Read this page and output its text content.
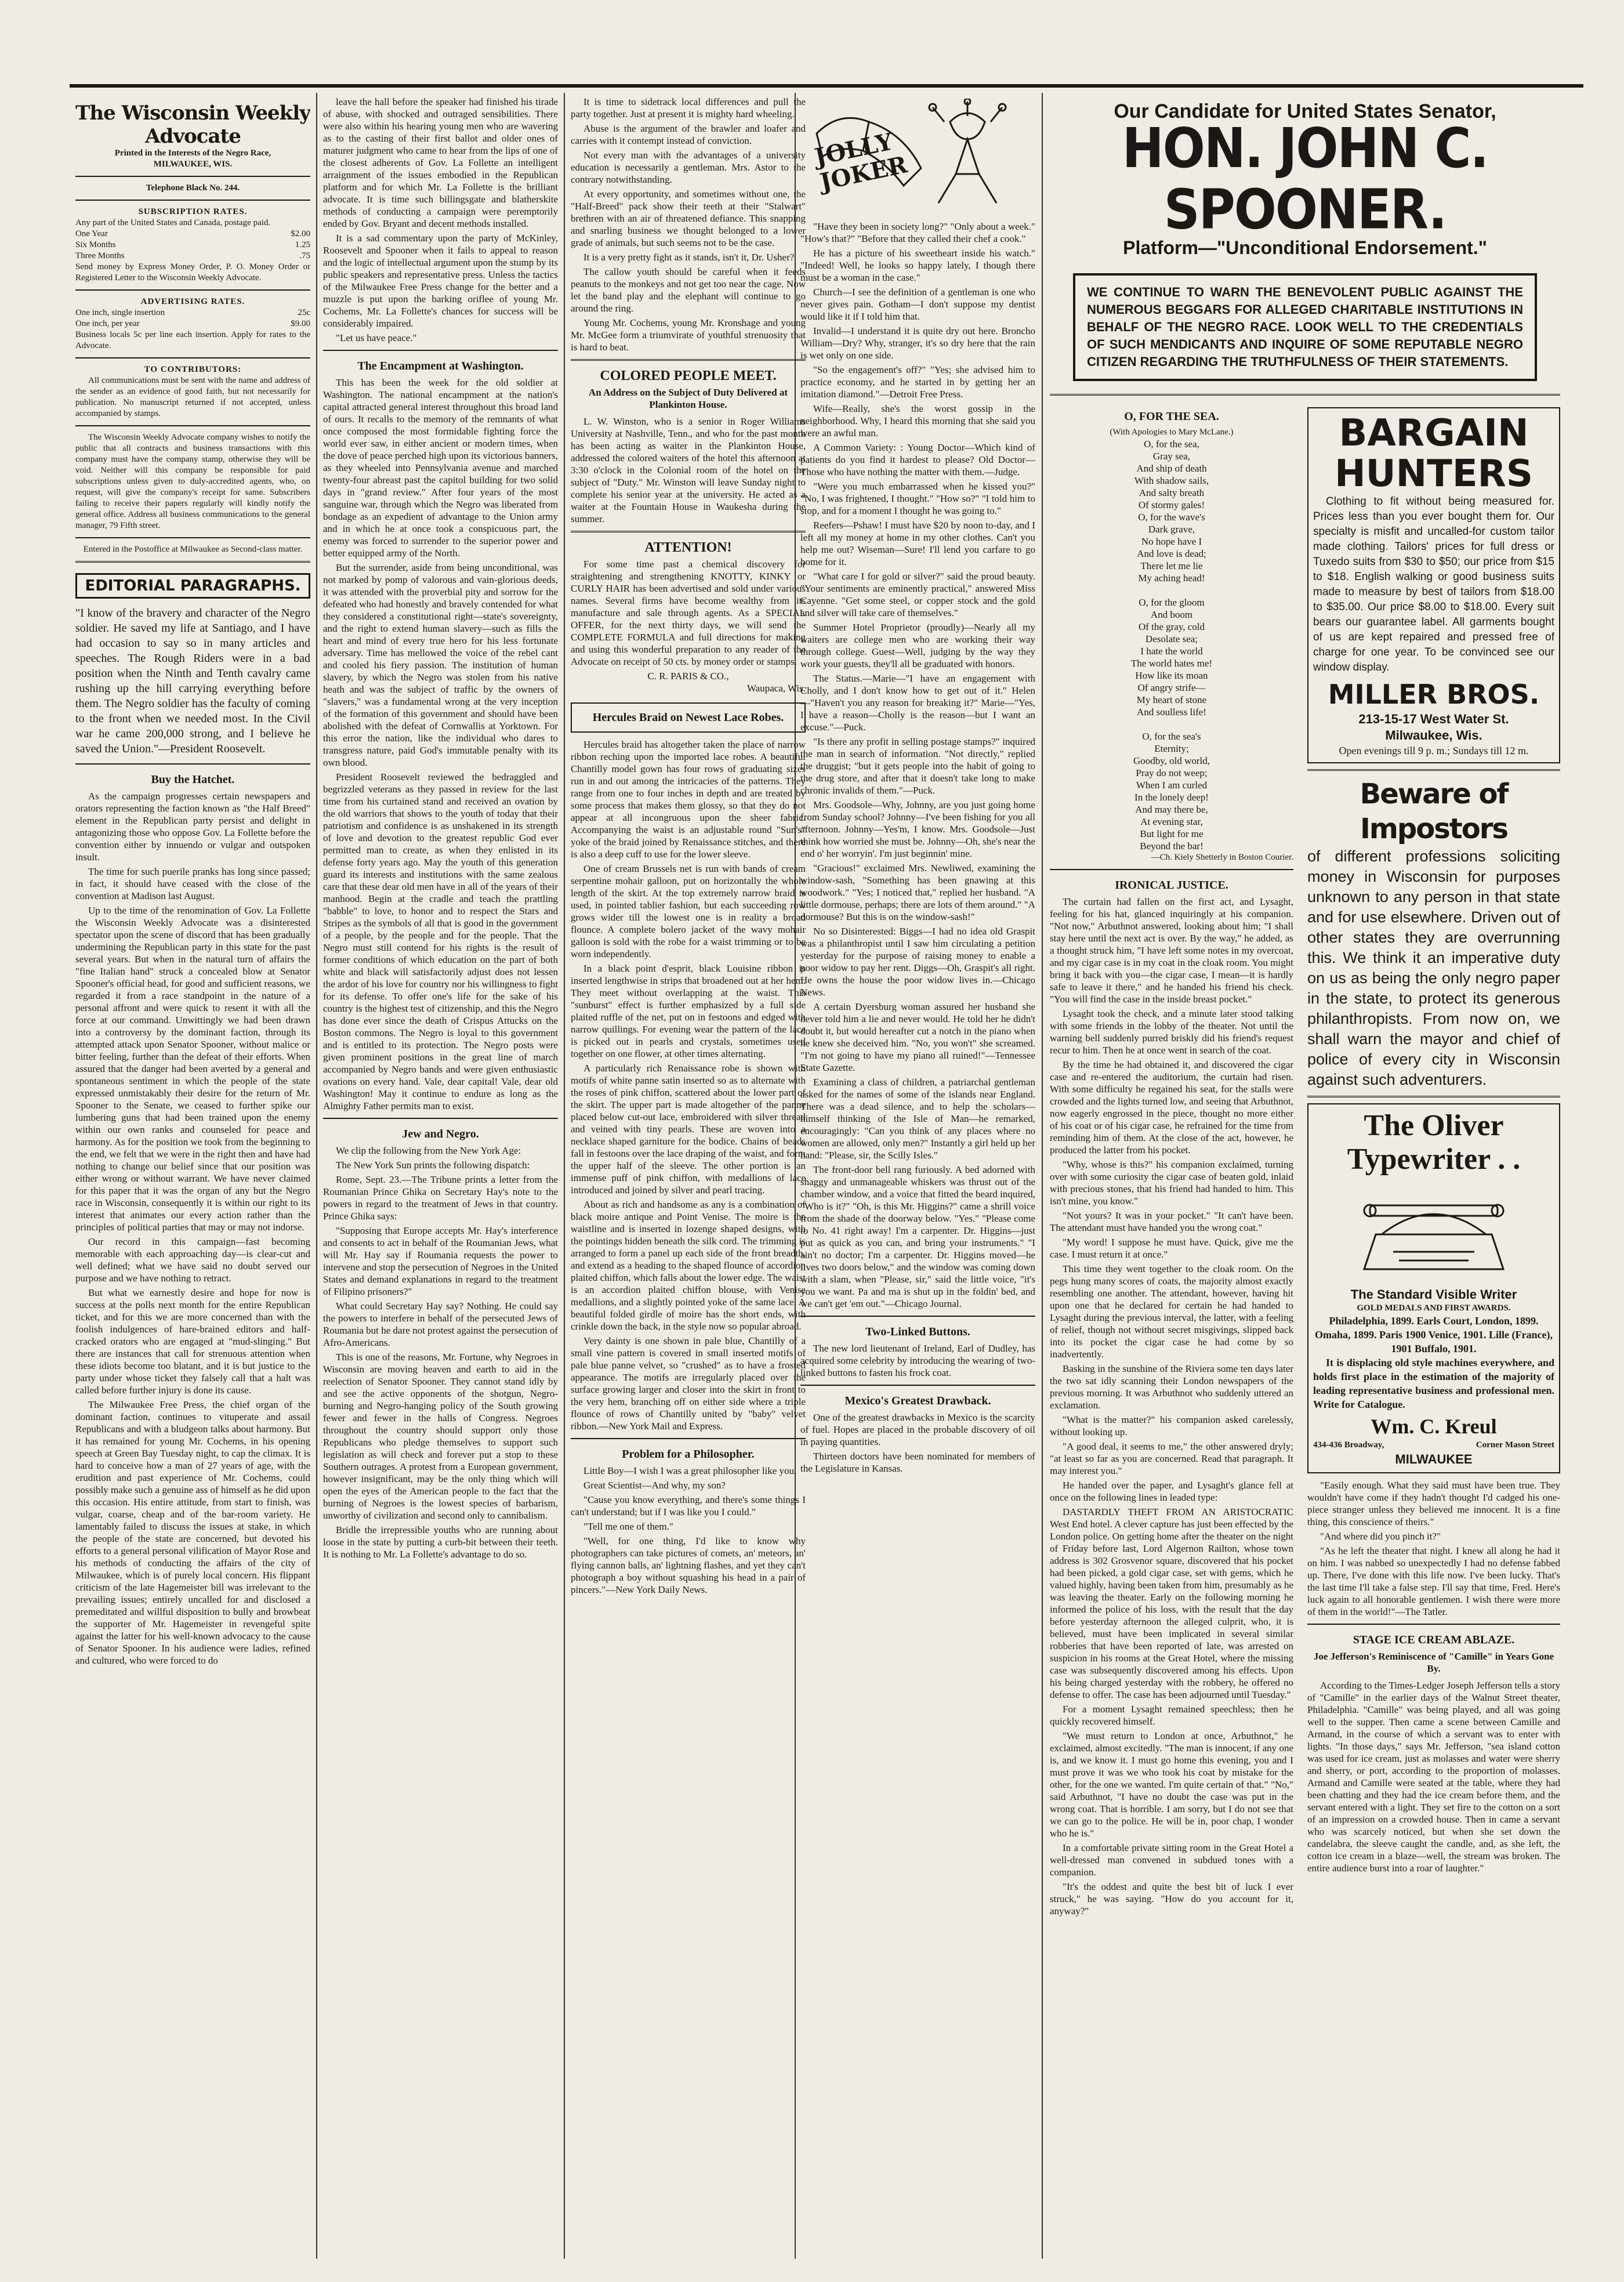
The Wisconsin Weekly Advocate
Printed in the Interests of the Negro Race,
MILWAUKEE, WIS.
Telephone Black No. 244.
SUBSCRIPTION RATES.
Any part of the United States and Canada, postage paid.
One Year	$2.00
Six Months	1.25
Three Months	.75
Send money by Express Money Order, P. O. Money Order or Registered Letter to the Wisconsin Weekly Advocate.
ADVERTISING RATES.
One inch, single insertion	25c
One inch, per year	$9.00
Business locals 5c per line each insertion. Apply for rates to the Advocate.
TO CONTRIBUTORS:

All communications must be sent with the name and address of the sender as an evidence of good faith, but not necessarily for publication. No manuscript returned if not accepted, unless accompanied by stamps.

The Wisconsin Weekly Advocate company wishes to notify the public that all contracts and business transactions with this company must have the company stamp, otherwise they will be void. Neither will this company be responsible for paid subscriptions unless given to duly-accredited agents, who, on request, will give the company's receipt for same. Subscribers failing to receive their papers regularly will kindly notify the general office. Address all business communications to the general manager, 79 Fifth street.

Entered in the Postoffice at Milwaukee as Second-class matter.
EDITORIAL PARAGRAPHS.
"I know of the bravery and character of the Negro soldier. He saved my life at Santiago, and I have had occasion to say so in many articles and speeches. The Rough Riders were in a bad position when the Ninth and Tenth cavalry came rushing up the hill carrying everything before them. The Negro soldier has the faculty of coming to the front when we needed most. In the Civil war he came 200,000 strong, and I believe he saved the Union."—President Roosevelt.
Buy the Hatchet.

As the campaign progresses certain newspapers and orators representing the faction known as "the Half Breed" element in the Republican party persist and delight in antagonizing those who oppose Gov. La Follette before the convention either by innuendo or vulgar and outspoken insult.

The time for such puerile pranks has long since passed; in fact, it should have ceased with the close of the convention at Madison last August.

Up to the time of the renomination of Gov. La Follette the Wisconsin Weekly Advocate was a disinterested spectator upon the scene of discord that has been gradually undermining the Republican party in this state for the past several years. But when in the natural turn of affairs the "fine Italian hand" struck a concealed blow at Senator Spooner's official head, for good and sufficient reasons, we regarded it from a race standpoint in the nature of a personal affront and were quick to resent it with all the force at our command. Unwittingly we had been drawn into a controversy by the dominant faction, through its attempted attack upon Senator Spooner, without malice or bitter feeling, further than the defeat of their efforts. When assured that the danger had been averted by a general and spontaneous sentiment in which the people of the state expressed unmistakably their desire for the return of Mr. Spooner to the Senate, we ceased to further spike our lumbering guns that had been trained upon the enemy within our own ranks and counseled for peace and harmony. As for the position we took from the beginning to the end, we felt that we were in the right then and have had nothing to change our belief since that our position was either wrong or without warrant. We have never claimed for this paper that it was the organ of any but the Negro race in Wisconsin, consequently it is within our right to its interest that animates our every action rather than the principles of political parties that may or may not indorse.

Our record in this campaign—fast becoming memorable with each approaching day—is clear-cut and well defined; what we have said no doubt served our purpose and we have nothing to retract.

But what we earnestly desire and hope for now is success at the polls next month for the entire Republican ticket, and for this we are more concerned than with the foolish indulgences of hare-brained editors and half-cracked orators who are engaged at "mud-slinging." But there are instances that call for strenuous attention when these idiots become too blatant, and it is but justice to the party under whose ticket they falsely call that a halt was called before further injury is done its cause.

The Milwaukee Free Press, the chief organ of the dominant faction, continues to vituperate and assail Republicans and with a bludgeon talks about harmony. But it has remained for young Mr. Cochems, in his opening speech at Green Bay Tuesday night, to cap the climax. It is hard to conceive how a man of 27 years of age, with the erudition and past experience of Mr. Cochems, could possibly make such a genuine ass of himself as he did upon this occasion. His entire attitude, from start to finish, was vulgar, coarse, cheap and of the bar-room variety. He lamentably failed to discuss the issues at stake, in which the people of the state are concerned, but devoted his efforts to a general personal vilification of Mayor Rose and his methods of conducting the affairs of the city of Milwaukee, which is of purely local concern. His flippant criticism of the late Hagemeister bill was irrelevant to the prevailing issues; entirely uncalled for and disclosed a premeditated and willful disposition to bully and browbeat the supporter of Mr. Hagemeister in revengeful spite against the latter for his well-known advocacy to the cause of Senator Spooner. In his audience were ladies, refined and cultured, who were forced to do

leave the hall before the speaker had finished his tirade of abuse, with shocked and outraged sensibilities. There were also within his hearing young men who are wavering as to the casting of their first ballot and older ones of maturer judgment who came to hear from the lips of one of the closest adherents of Gov. La Follette an intelligent arraignment of the issues embodied in the Republican platform and for which Mr. La Follette is the brilliant advocate. It is time such billingsgate and blatherskite methods of conducting a campaign were peremptorily ended by Gov. Bryant and decent methods installed.

It is a sad commentary upon the party of McKinley, Roosevelt and Spooner when it fails to appeal to reason and the logic of intellectual argument upon the stump by its public speakers and representative press. Unless the tactics of the Milwaukee Free Press change for the better and a muzzle is put upon the barking oriflee of young Mr. Cochems, Mr. La Follette's chances for success will be considerably impaired.

"Let us have peace."

The Encampment at Washington.

This has been the week for the old soldier at Washington. The national encampment at the nation's capital attracted general interest throughout this broad land of ours. It recalls to the memory of the remnants of what once composed the most formidable fighting force the world ever saw, in either ancient or modern times, when the dove of peace perched high upon its victorious banners, as they wheeled into Pennsylvania avenue and marched twenty-four abreast past the capitol building for two solid days in "grand review." After four years of the most sanguine war, through which the Negro was liberated from bondage as an expedient of advantage to the Union army and in which he at once took a conspicuous part, the enemy was forced to surrender to the superior power and better equipped army of the North.

But the surrender, aside from being unconditional, was not marked by pomp of valorous and vain-glorious deeds, it was attended with the proverbial pity and sorrow for the defeated who had honestly and bravely contended for what they considered a constitutional right—state's sovereignty, and the right to extend human slavery—such as fills the heart and mind of every true hero for his less fortunate adversary. Time has mellowed the voice of the rebel cant and cooled his fiery passion. The institution of human slavery, by which the Negro was stolen from his native heath and was the subject of traffic by the owners of "slavers," was a fundamental wrong at the very inception of the formation of this government and should have been abolished with the defeat of Cornwallis at Yorktown. For this error the nation, like the individual who dares to transgress nature, paid God's immutable penalty with its own blood.

President Roosevelt reviewed the bedraggled and begrizzled veterans as they passed in review for the last time from his curtained stand and received an ovation by the old warriors that shows to the youth of today that their patriotism and confidence is as unshakened in its strength of love and devotion to the greatest republic God ever permitted man to create, as when they enlisted in its defense forty years ago. May the youth of this generation guard its interests and institutions with the same zealous care that these dear old men have in all of the years of their manhood. Begin at the cradle and teach the prattling "babble" to love, to honor and to respect the Stars and Stripes as the symbols of all that is good in the government of a people, by the people and for the people. That the Negro must still contend for his rights is the result of former conditions of which education on the part of both white and black will satisfactorily adjust does not lessen the ardor of his love for country nor his willingness to fight for its defense. To offer one's life for the sake of his country is the highest test of citizenship, and this the Negro has done ever since the death of Crispus Attucks on the Boston commons. The Negro is loyal to this government and is entitled to its protection. The Negro posts were given prominent positions in the great line of march accompanied by Negro bands and were given enthusiastic ovations on every hand. Vale, dear capital! Vale, dear old Washington! May it continue to endure as long as the Almighty Father permits man to exist.

Jew and Negro.

We clip the following from the New York Age:

The New York Sun prints the following dispatch:

Rome, Sept. 23.—The Tribune prints a letter from the Roumanian Prince Ghika on Secretary Hay's note to the powers in regard to the treatment of Jews in that country. Prince Ghika says:

"Supposing that Europe accepts Mr. Hay's interference and consents to act in behalf of the Roumanian Jews, what will Mr. Hay say if Roumania requests the power to intervene and stop the persecution of Negroes in the United States and demand explanations in regard to the treatment of Filipino prisoners?"

What could Secretary Hay say? Nothing. He could say the powers to interfere in behalf of the persecuted Jews of Roumania but he dare not protest against the persecution of Afro-Americans.

This is one of the reasons, Mr. Fortune, why Negroes in Wisconsin are moving heaven and earth to aid in the reelection of Senator Spooner. They cannot stand idly by and see the active opponents of the shotgun, Negro-burning and Negro-hanging policy of the South growing fewer and fewer in the halls of Congress. Negroes throughout the country should support only those Republicans who pledge themselves to support such legislation as will check and forever put a stop to these Southern outrages. A protest from a European government, however insignificant, may be the only thing which will open the eyes of the American people to the fact that the burning of Negroes is the lowest species of barbarism, unworthy of civilization and second only to cannibalism.

Bridle the irrepressible youths who are running about loose in the state by putting a curb-bit between their teeth. It is nothing to Mr. La Follette's advantage to do so.

It is time to sidetrack local differences and pull the party together. Just at present it is mighty hard wheeling.

Abuse is the argument of the brawler and loafer and carries with it contempt instead of conviction.

Not every man with the advantages of a university education is necessarily a gentleman. Mrs. Astor to the contrary notwithstanding.

At every opportunity, and sometimes without one, the "Half-Breed" pack show their teeth at their "Stalwart" brethren with an air of threatened defiance. This snapping and snarling business we thought belonged to a lower grade of animals, but such seems not to be the case.

It is a very pretty fight as it stands, isn't it, Dr. Usher?

The callow youth should be careful when it feeds peanuts to the monkeys and not get too near the cage. Now let the band play and the elephant will continue to go around the ring.

Young Mr. Cochems, young Mr. Kronshage and young Mr. McGee form a triumvirate of youthful strenuosity that is hard to beat.

COLORED PEOPLE MEET.
An Address on the Subject of Duty Delivered at Plankinton House.

L. W. Winston, who is a senior in Roger Williams University at Nashville, Tenn., and who for the past month has been acting as waiter in the Plankinton House, addressed the colored waiters of the hotel this afternoon at 3:30 o'clock in the Colonial room of the hotel on the subject of "Duty." Mr. Winston will leave Sunday night to complete his senior year at the university. He acted as a waiter at the Fountain House in Waukesha during the summer.

ATTENTION!

For some time past a chemical discovery for straightening and strengthening KNOTTY, KINKY or CURLY HAIR has been advertised and sold under various names. Several firms have become wealthy from its manufacture and sale through agents. As a SPECIAL OFFER, for the next thirty days, we will send the COMPLETE FORMULA and full directions for making and using this wonderful preparation to any reader of the Advocate on receipt of 50 cts. by money order or stamps.

C. R. PARIS & CO.,
Waupaca, Wis.
Hercules Braid on Newest Lace Robes.

Hercules braid has altogether taken the place of narrow ribbon reching upon the imported lace robes. A beautiful Chantilly model gown has four rows of graduating sizes run in and out among the intricacies of the patterns. They range from one to four inches in depth and are treated by some process that makes them glossy, so that they do not appear at all incongruous upon the sheer fabric. Accompanying the waist is an adjustable round "Sun's" yoke of the braid joined by Renaissance stitches, and there is also a deep cuff to use for the lower sleeve.

One of cream Brussels net is run with bands of cream serpentine mohair galloon, put on horizontally the whole length of the skirt. At the top extremely narrow braid is used, in pointed tablier fashion, but each succeeding row grows wider till the lowest one is in reality a broad flounce. A complete bolero jacket of the wavy mohair galloon is sold with the robe for a waist trimming or to be worn independently.

In a black point d'esprit, black Louisine ribbon is inserted lengthwise in strips that broadened out at her hem. They meet without overlapping at the waist. This "sunburst" effect is further emphasized by a full side plaited ruffle of the net, put on in festoons and edged with narrow quillings. For evening wear the pattern of the lace is picked out in pearls and crystals, sometimes used together on one flower, at other times alternating.

A particularly rich Renaissance robe is shown with motifs of white panne satin inserted so as to alternate with the roses of pink chiffon, scattered about the lower part of the skirt. The upper part is made altogether of the panne placed below cut-out lace, embroidered with silver thread and veined with tiny pearls. These are woven into a necklace shaped garniture for the bodice. Chains of beads fall in festoons over the lace draping of the waist, and form the upper half of the sleeve. The other portion is an immense puff of pink chiffon, with medallions of lace introduced and joined by silver and pearl tracing.

About as rich and handsome as any is a combination of black moire antique and Point Venise. The moire is the waistline and is inserted in lozenge shaped designs, with the pointings hidden beneath the silk cord. The trimming is arranged to form a panel up each side of the front breadth, and extend as a heading to the shaped flounce of accordion plaited chiffon, which falls about the lower edge. The waist is an accordion plaited chiffon blouse, with Venise medallions, and a slightly pointed yoke of the same lace. A beautiful folded girdle of moire has the short ends, with crinkle down the back, in the style now so popular abroad.

Very dainty is one shown in pale blue, Chantilly of a small vine pattern is covered in small inserted motifs of pale blue panne velvet, so "crushed" as to have a frosted appearance. The motifs are irregularly placed over the surface growing larger and closer into the skirt in front to the very hem, branching off on either side where a triple flounce of rows of Chantilly united by "baby" velvet ribbon.—New York Mail and Express.

Problem for a Philosopher.

Little Boy—I wish I was a great philosopher like you.

Great Scientist—And why, my son?

"Cause you know everything, and there's some things I can't understand; but if I was like you I could."

"Tell me one of them."

"Well, for one thing, I'd like to know why photographers can take pictures of comets, an' meteors, an' flying cannon balls, an' lightning flashes, and yet they can't photograph a boy without squashing his head in a pair of pincers."—New York Daily News.

JOLLY JOKER

"Have they been in society long?" "Only about a week." "How's that?" "Before that they called their chef a cook."

He has a picture of his sweetheart inside his watch." "Indeed! Well, he looks so happy lately, I though there must be a woman in the case."

Church—I see the definition of a gentleman is one who never gives pain. Gotham—I don't suppose my dentist would like it if I told him that.

Invalid—I understand it is quite dry out here. Broncho William—Dry? Why, stranger, it's so dry here that the rain is wet only on one side.

"So the engagement's off?" "Yes; she advised him to practice economy, and he started in by getting her an imitation diamond."—Detroit Free Press.

Wife—Really, she's the worst gossip in the neighborhood. Why, I heard this morning that she said you were an awful man.

A Common Variety: : Young Doctor—Which kind of patients do you find it hardest to please? Old Doctor—Those who have nothing the matter with them.—Judge.

"Were you much embarrassed when he kissed you?" "No, I was frightened, I thought." "How so?" "I told him to stop, and for a moment I thought he was going to."

Reefers—Pshaw! I must have $20 by noon to-day, and I left all my money at home in my other clothes. Can't you help me out? Wiseman—Sure! I'll lend you carfare to go home for it.

"What care I for gold or silver?" said the proud beauty. "Your sentiments are eminently practical," answered Miss Cayenne. "Get some steel, or copper stock and the gold and silver will take care of themselves."

Summer Hotel Proprietor (proudly)—Nearly all my waiters are college men who are working their way through college. Guest—Well, judging by the way they work your guests, they'll all be graduated with honors.

The Status.—Marie—"I have an engagement with Cholly, and I don't know how to get out of it." Helen—"Haven't you any reason for breaking it?" Marie—"Yes, I have a reason—Cholly is the reason—but I want an excuse."—Puck.

"Is there any profit in selling postage stamps?" inquired the man in search of information. "Not directly," replied the druggist; "but it gets people into the habit of going to the drug store, and after that it doesn't take long to make chronic invalids of them."—Puck.

Mrs. Goodsole—Why, Johnny, are you just going home from Sunday school? Johnny—I've been fishing for you all afternoon. Johnny—Yes'm, I know. Mrs. Goodsole—Just think how worried she must be. Johnny—Oh, she's near the end o' her worryin'. I'm just beginnin' mine.

"Gracious!" exclaimed Mrs. Newliwed, examining the window-sash, "Something has been gnawing at this woodwork." "Yes; I noticed that," replied her husband. "A little dormouse, perhaps; there are lots of them around." "A dormouse? But this is on the window-sash!"

No so Disinterested: Biggs—I had no idea old Graspit was a philanthropist until I saw him circulating a petition yesterday for the purpose of raising money to enable a poor widow to pay her rent. Diggs—Oh, Graspit's all right. He owns the house the poor widow lives in.—Chicago News.

A certain Dyersburg woman assured her husband she never told him a lie and never would. He told her he didn't doubt it, but would hereafter cut a notch in the piano when he knew she deceived him. "No, you won't" she screamed. "I'm not going to have my piano all ruined!"—Tennessee State Gazette.

Examining a class of children, a patriarchal gentleman asked for the names of some of the islands near England. There was a dead silence, and to help the scholars—himself thinking of the Isle of Man—he remarked, encouragingly: "Can you think of any places where no women are allowed, only men?" Instantly a girl held up her hand: "Please, sir, the Scilly Isles."

The front-door bell rang furiously. A bed adorned with shaggy and unmanageable whiskers was thrust out of the chamber window, and a voice that fitted the beard inquired, "Who is it?" "Oh, is this Mr. Higgins?" came a shrill voice from the shade of the doorway below. "Yes." "Please come to No. 41 right away! I'm a carpenter. Dr. Higgins—just put as quick as you can, and bring your instruments." "I ain't no doctor; I'm a carpenter. Dr. Higgins moved—he lives two doors below," and the window was coming down with a slam, when "Please, sir," said the little voice, "it's you we want. Pa and ma is shut up in the foldin' bed, and we can't get 'em out."—Chicago Journal.

Two-Linked Buttons.

The new lord lieutenant of Ireland, Earl of Dudley, has acquired some celebrity by introducing the wearing of two-linked buttons to fasten his frock coat.

Mexico's Greatest Drawback.

One of the greatest drawbacks in Mexico is the scarcity of fuel. Hopes are placed in the probable discovery of oil in paying quantities.

Thirteen doctors have been nominated for members of the Legislature in Kansas.

Our Candidate for United States Senator,
HON. JOHN C. SPOONER.
Platform—"Unconditional Endorsement."
WE CONTINUE TO WARN THE BENEVOLENT PUBLIC AGAINST THE NUMEROUS BEGGARS FOR ALLEGED CHARITABLE INSTITUTIONS IN BEHALF OF THE NEGRO RACE. LOOK WELL TO THE CREDENTIALS OF SUCH MENDICANTS AND INQUIRE OF SOME REPUTABLE NEGRO CITIZEN REGARDING THE TRUTHFULNESS OF THEIR STATEMENTS.
O, FOR THE SEA.
(With Apologies to Mary McLane.)
O, for the sea,
Gray sea,
And ship of death
With shadow sails,
And salty breath
Of stormy gales!
O, for the wave's
Dark grave,
No hope have I
And love is dead;
There let me lie
My aching head!

O, for the gloom
And boom
Of the gray, cold
Desolate sea;
I hate the world
The world hates me!
How like its moan
Of angry strife—
My heart of stone
And soulless life!

O, for the sea's
Eternity;
Goodby, old world,
Pray do not weep;
When I am curled
In the lonely deep!
And may there be,
At evening star,
But light for me
Beyond the bar!
—Ch. Kiely Shetterly in Boston Courier.
IRONICAL JUSTICE.

The curtain had fallen on the first act, and Lysaght, feeling for his hat, glanced inquiringly at his companion. "Not now," Arbuthnot answered, looking about him; "I shall stay here until the next act is over. By the way," he added, as a thought struck him, "I have left some notes in my overcoat, and my cigar case is in my coat in the cloak room. You might bring it back with you—the cigar case, I mean—it is hardly safe to leave it there," and he handed his friend his check. "You will find the case in the inside breast pocket."

Lysaght took the check, and a minute later stood talking with some friends in the lobby of the theater. Not until the warning bell suddenly purred briskly did his friend's request recur to him. Then he at once went in search of the coat.

By the time he had obtained it, and discovered the cigar case and re-entered the auditorium, the curtain had risen. With some difficulty he regained his seat, for the stalls were crowded and the lights turned low, and seeing that Arbuthnot, now eagerly engrossed in the piece, thought no more either of his coat or of his cigar case, he refrained for the time from reminding him of them. At the close of the act, however, he produced the latter from his pocket.

"Why, whose is this?" his companion exclaimed, turning over with some curiosity the cigar case of beaten gold, inlaid with precious stones, that his friend had handed to him. This isn't mine, you know."

"Not yours? It was in your pocket." "It can't have been. The attendant must have handed you the wrong coat."

"My word! I suppose he must have. Quick, give me the case. I must return it at once."

This time they went together to the cloak room. On the pegs hung many scores of coats, the majority almost exactly resembling one another. The attendant, however, having hit upon one that he declared for certain he had handed to Lysaght during the previous interval, the latter, with a feeling of relief, though not without secret misgivings, slipped back into its pocket the cigar case he had come by so inadvertently.

Basking in the sunshine of the Riviera some ten days later the two sat idly scanning their London newspapers of the previous morning. It was Arbuthnot who suddenly uttered an exclamation.

"What is the matter?" his companion asked carelessly, without looking up.

"A good deal, it seems to me," the other answered dryly; "at least so far as you are concerned. Read that paragraph. It may interest you."

He handed over the paper, and Lysaght's glance fell at once on the following lines in leaded type:

DASTARDLY THEFT FROM AN ARISTOCRATIC West End hotel. A clever capture has just been effected by the London police. On getting home after the theater on the night of Friday before last, Lord Algernon Railton, whose town address is 302 Grosvenor square, discovered that his pocket had been picked, a gold cigar case, set with gems, which he valued highly, having been taken from him, presumably as he was leaving the theater. Early on the following morning he informed the police of his loss, with the result that the day before yesterday afternoon the alleged culprit, who, it is believed, must have been implicated in several similar robberies that have been reported of late, was arrested on suspicion in his rooms at the Great Hotel, where the missing case was subsequently discovered among his effects. Upon his being charged yesterday with the robbery, he offered no defense to offer. The case has been adjourned until Tuesday."

For a moment Lysaght remained speechless; then he quickly recovered himself.

"We must return to London at once, Arbuthnot," he exclaimed, almost excitedly. "The man is innocent, if any one is, and we know it. I must go home this evening, you and I must prove it was we who took his coat by mistake for the other, for the one we wanted. I'm quite certain of that." "No," said Arbuthnot, "I have no doubt the case was put in the wrong coat. That is horrible. I am sorry, but I do not see that we can go to the police. He will be in, poor chap, I wonder who he is."

In a comfortable private sitting room in the Great Hotel a well-dressed man convened in subdued tones with a companion.

"It's the oddest and quite the best bit of luck I ever struck," he was saying. "How do you account for it, anyway?"

BARGAIN
HUNTERS

Clothing to fit without being measured for. Prices less than you ever bought them for. Our specialty is misfit and uncalled-for custom tailor made clothing. Tailors' prices for full dress or Tuxedo suits from $30 to $50; our price from $15 to $18. English walking or good business suits made to measure by best of tailors from $18.00 to $35.00. Our price $8.00 to $18.00. Every suit bears our guarantee label. All garments bought of us are kept repaired and pressed free of charge for one year. To be convinced see our window display.

MILLER BROS.
213-15-17 West Water St.
Milwaukee, Wis.
Open evenings till 9 p. m.; Sundays till 12 m.
Beware of Impostors
of different professions soliciting money in Wisconsin for purposes unknown to any person in that state and for use elsewhere. Driven out of other states they are overrunning this. We think it an imperative duty on us as being the only negro paper in the state, to protect its generous philanthropists. From now on, we shall warn the mayor and chief of police of every city in Wisconsin against such adventurers.
The Oliver
Typewriter . .
The Standard Visible Writer
GOLD MEDALS AND FIRST AWARDS.
Philadelphia, 1899. Earls Court, London, 1899. Omaha, 1899. Paris 1900 Venice, 1901. Lille (France), 1901 Buffalo, 1901.

It is displacing old style machines everywhere, and holds first place in the estimation of the majority of leading representative business and professional men. Write for Catalogue.

Wm. C. Kreul
434-436 Broadway,	Corner Mason Street
MILWAUKEE

"Easily enough. What they said must have been true. They wouldn't have come if they hadn't thought I'd cadged his one-piece stranger unless they believed me innocent. It is a fine thing, this conscience of theirs."

"And where did you pinch it?"

"As he left the theater that night. I knew all along he had it on him. I was nabbed so unexpectedly I had no defense fabbed up. There, I've done with this life now. I've been lucky. That's the last time I'll take a false step. I'll say that time, Fred. Here's luck again to all honorable gentlemen. I wish there were more of them in the world!"—The Tatler.

STAGE ICE CREAM ABLAZE.
Joe Jefferson's Reminiscence of "Camille" in Years Gone By.

According to the Times-Ledger Joseph Jefferson tells a story of "Camille" in the earlier days of the Walnut Street theater, Philadelphia. "Camille" was being played, and all was going well to the supper. Then came a scene between Camille and Armand, in the course of which a servant was to enter with lights. "In those days," says Mr. Jefferson, "sea island cotton was used for ice cream, just as molasses and water were sherry and sherry, or port, according to the proportion of molasses. Armand and Camille were seated at the table, where they had been chatting and they had the ice cream before them, and the servant entered with a light. They set fire to the cotton on a sort of an impression on a crowded house. Then in came a servant who was scarcely noticed, but when she set down the candelabra, the sleeve caught the candle, and, as she left, the cotton ice cream in a blaze—well, the stream was broken. The entire audience burst into a roar of laughter."
